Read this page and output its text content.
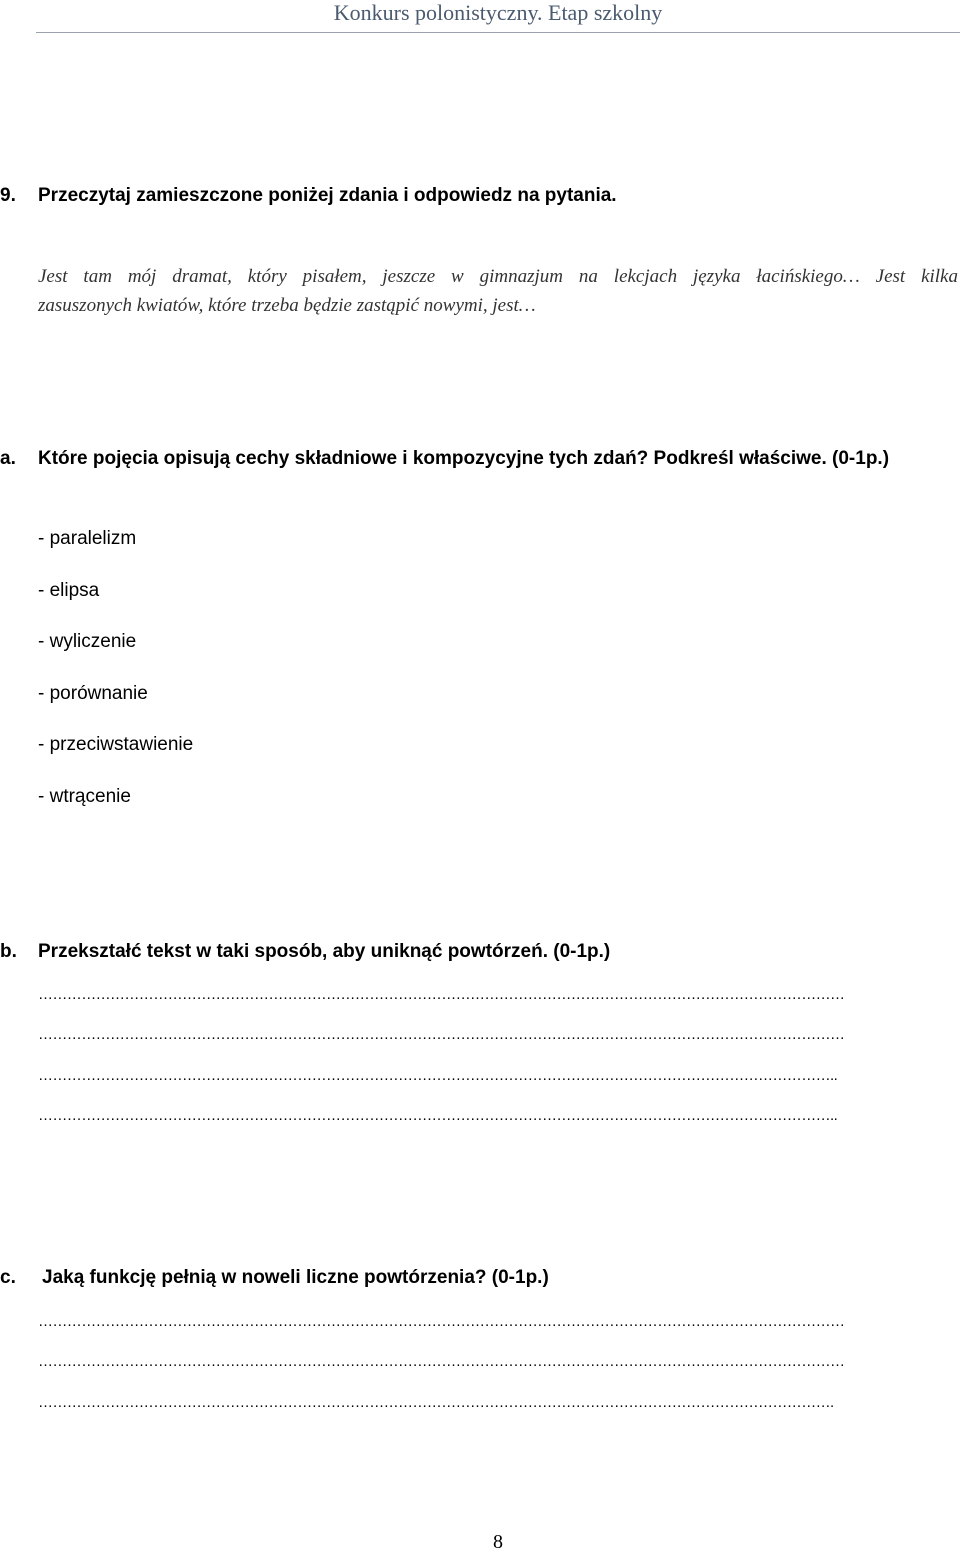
Konkurs polonistyczny. Etap szkolny
9. Przeczytaj zamieszczone poniżej zdania i odpowiedz na pytania.
Jest tam mój dramat, który pisałem, jeszcze w gimnazjum na lekcjach języka łacińskiego… Jest kilka
zasuszonych kwiatów, które trzeba będzie zastąpić nowymi, jest…
a. Które pojęcia opisują cechy składniowe i kompozycyjne tych zdań? Podkreśl właściwe. (0-1p.)
- paralelizm
- elipsa
- wyliczenie
- porównanie
- przeciwstawienie
- wtrącenie
b. Przekształć tekst w taki sposób, aby uniknąć powtórzeń. (0-1p.)
……………………………………………………………………………………………………………………………………………………
……………………………………………………………………………………………………………………………………………………
…………………………………………………………………………………………………………………………………………………..
…………………………………………………………………………………………………………………………………………………..
c. Jaką funkcję pełnią w noweli liczne powtórzenia? (0-1p.)
……………………………………………………………………………………………………………………………………………………
……………………………………………………………………………………………………………………………………………………
………………………………………………………………………………………………………………………………………………….
8
